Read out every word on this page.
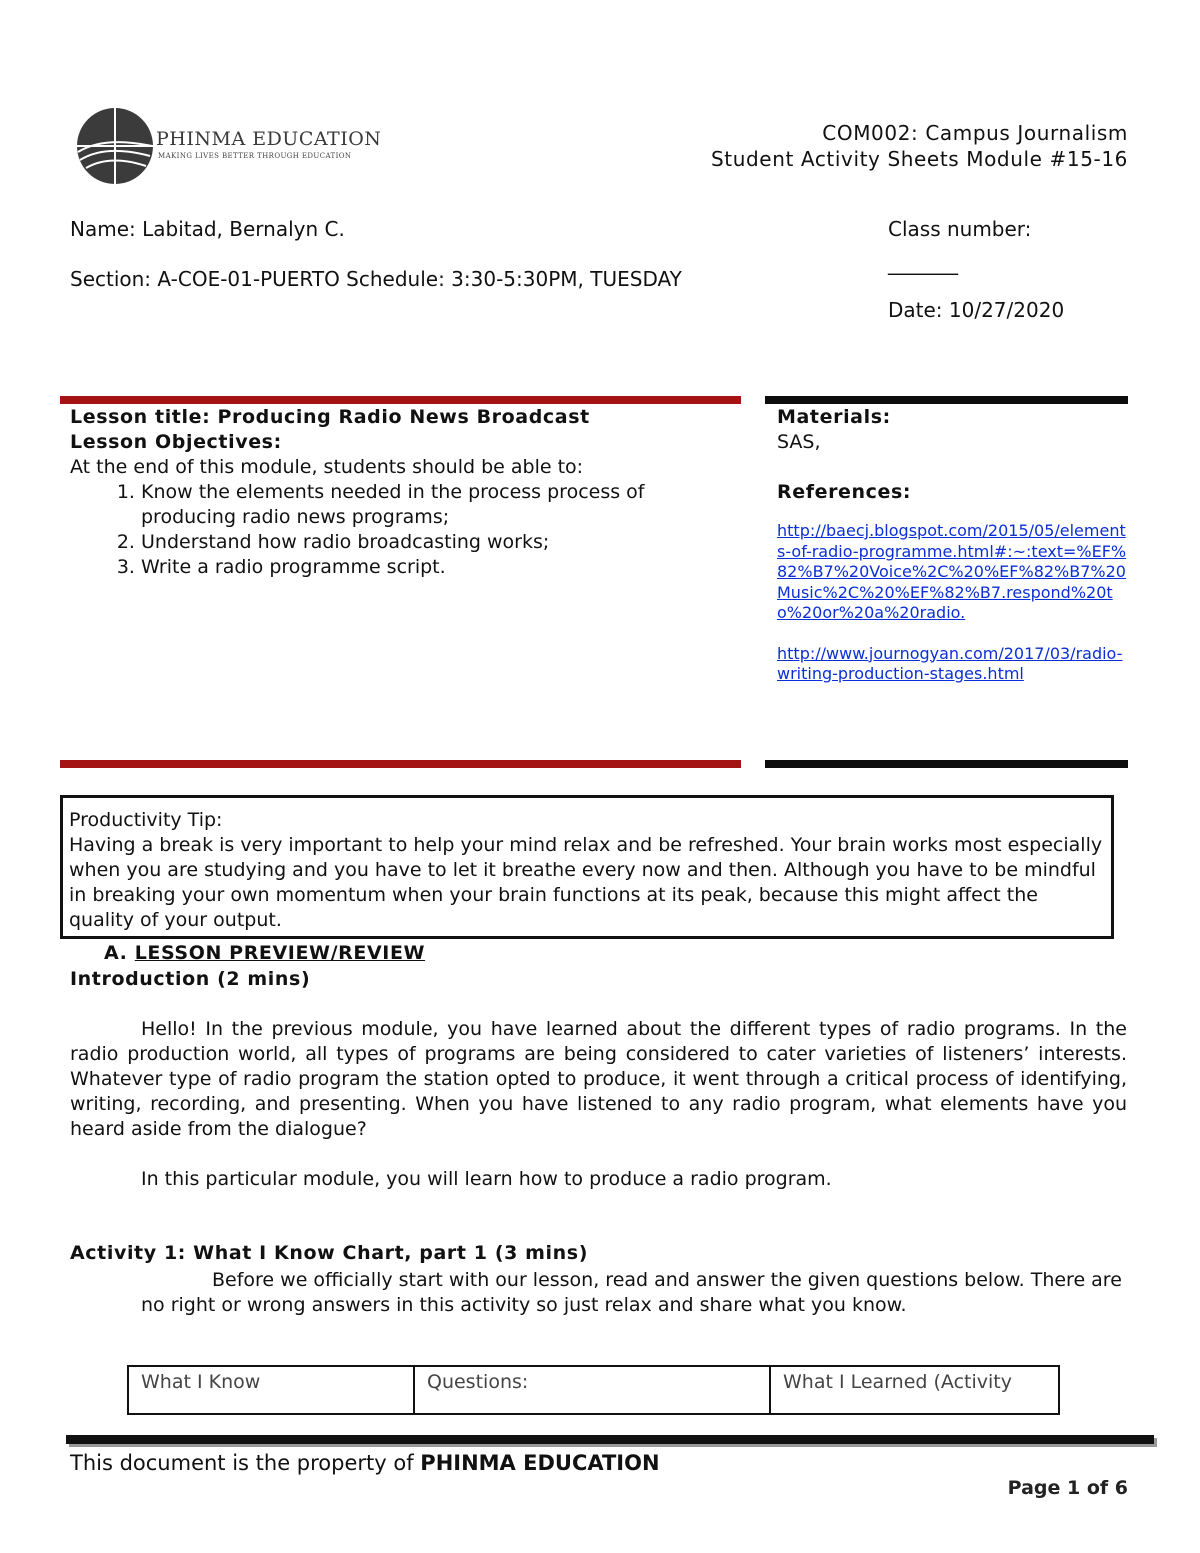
PHINMA EDUCATION
MAKING LIVES BETTER THROUGH EDUCATION
COM002: Campus Journalism
Student Activity Sheets Module #15-16
Name: Labitad, Bernalyn C.
Section: A-COE-01-PUERTO Schedule: 3:30-5:30PM, TUESDAY
Class number:
_______
Date: 10/27/2020
Lesson title: Producing Radio News Broadcast
Lesson Objectives:
At the end of this module, students should be able to:
1. Know the elements needed in the process process of producing radio news programs;
2. Understand how radio broadcasting works;
3. Write a radio programme script.
Materials:
SAS,
References:
http://baecj.blogspot.com/2015/05/elements-of-radio-programme.html#:~:text=%EF%82%B7%20Voice%2C%20%EF%82%B7%20Music%2C%20%EF%82%B7.respond%20to%20or%20a%20radio.
http://www.journogyan.com/2017/03/radio-writing-production-stages.html
Productivity Tip:
Having a break is very important to help your mind relax and be refreshed. Your brain works most especially when you are studying and you have to let it breathe every now and then. Although you have to be mindful in breaking your own momentum when your brain functions at its peak, because this might affect the quality of your output.
A. LESSON PREVIEW/REVIEW
Introduction (2 mins)

Hello! In the previous module, you have learned about the different types of radio programs. In the radio production world, all types of programs are being considered to cater varieties of listeners’ interests. Whatever type of radio program the station opted to produce, it went through a critical process of identifying, writing, recording, and presenting. When you have listened to any radio program, what elements have you heard aside from the dialogue?

In this particular module, you will learn how to produce a radio program.
Activity 1: What I Know Chart, part 1 (3 mins)
Before we officially start with our lesson, read and answer the given questions below. There are no right or wrong answers in this activity so just relax and share what you know.
What I Know	Questions:	What I Learned (Activity
This document is the property of PHINMA EDUCATION
Page 1 of 6
